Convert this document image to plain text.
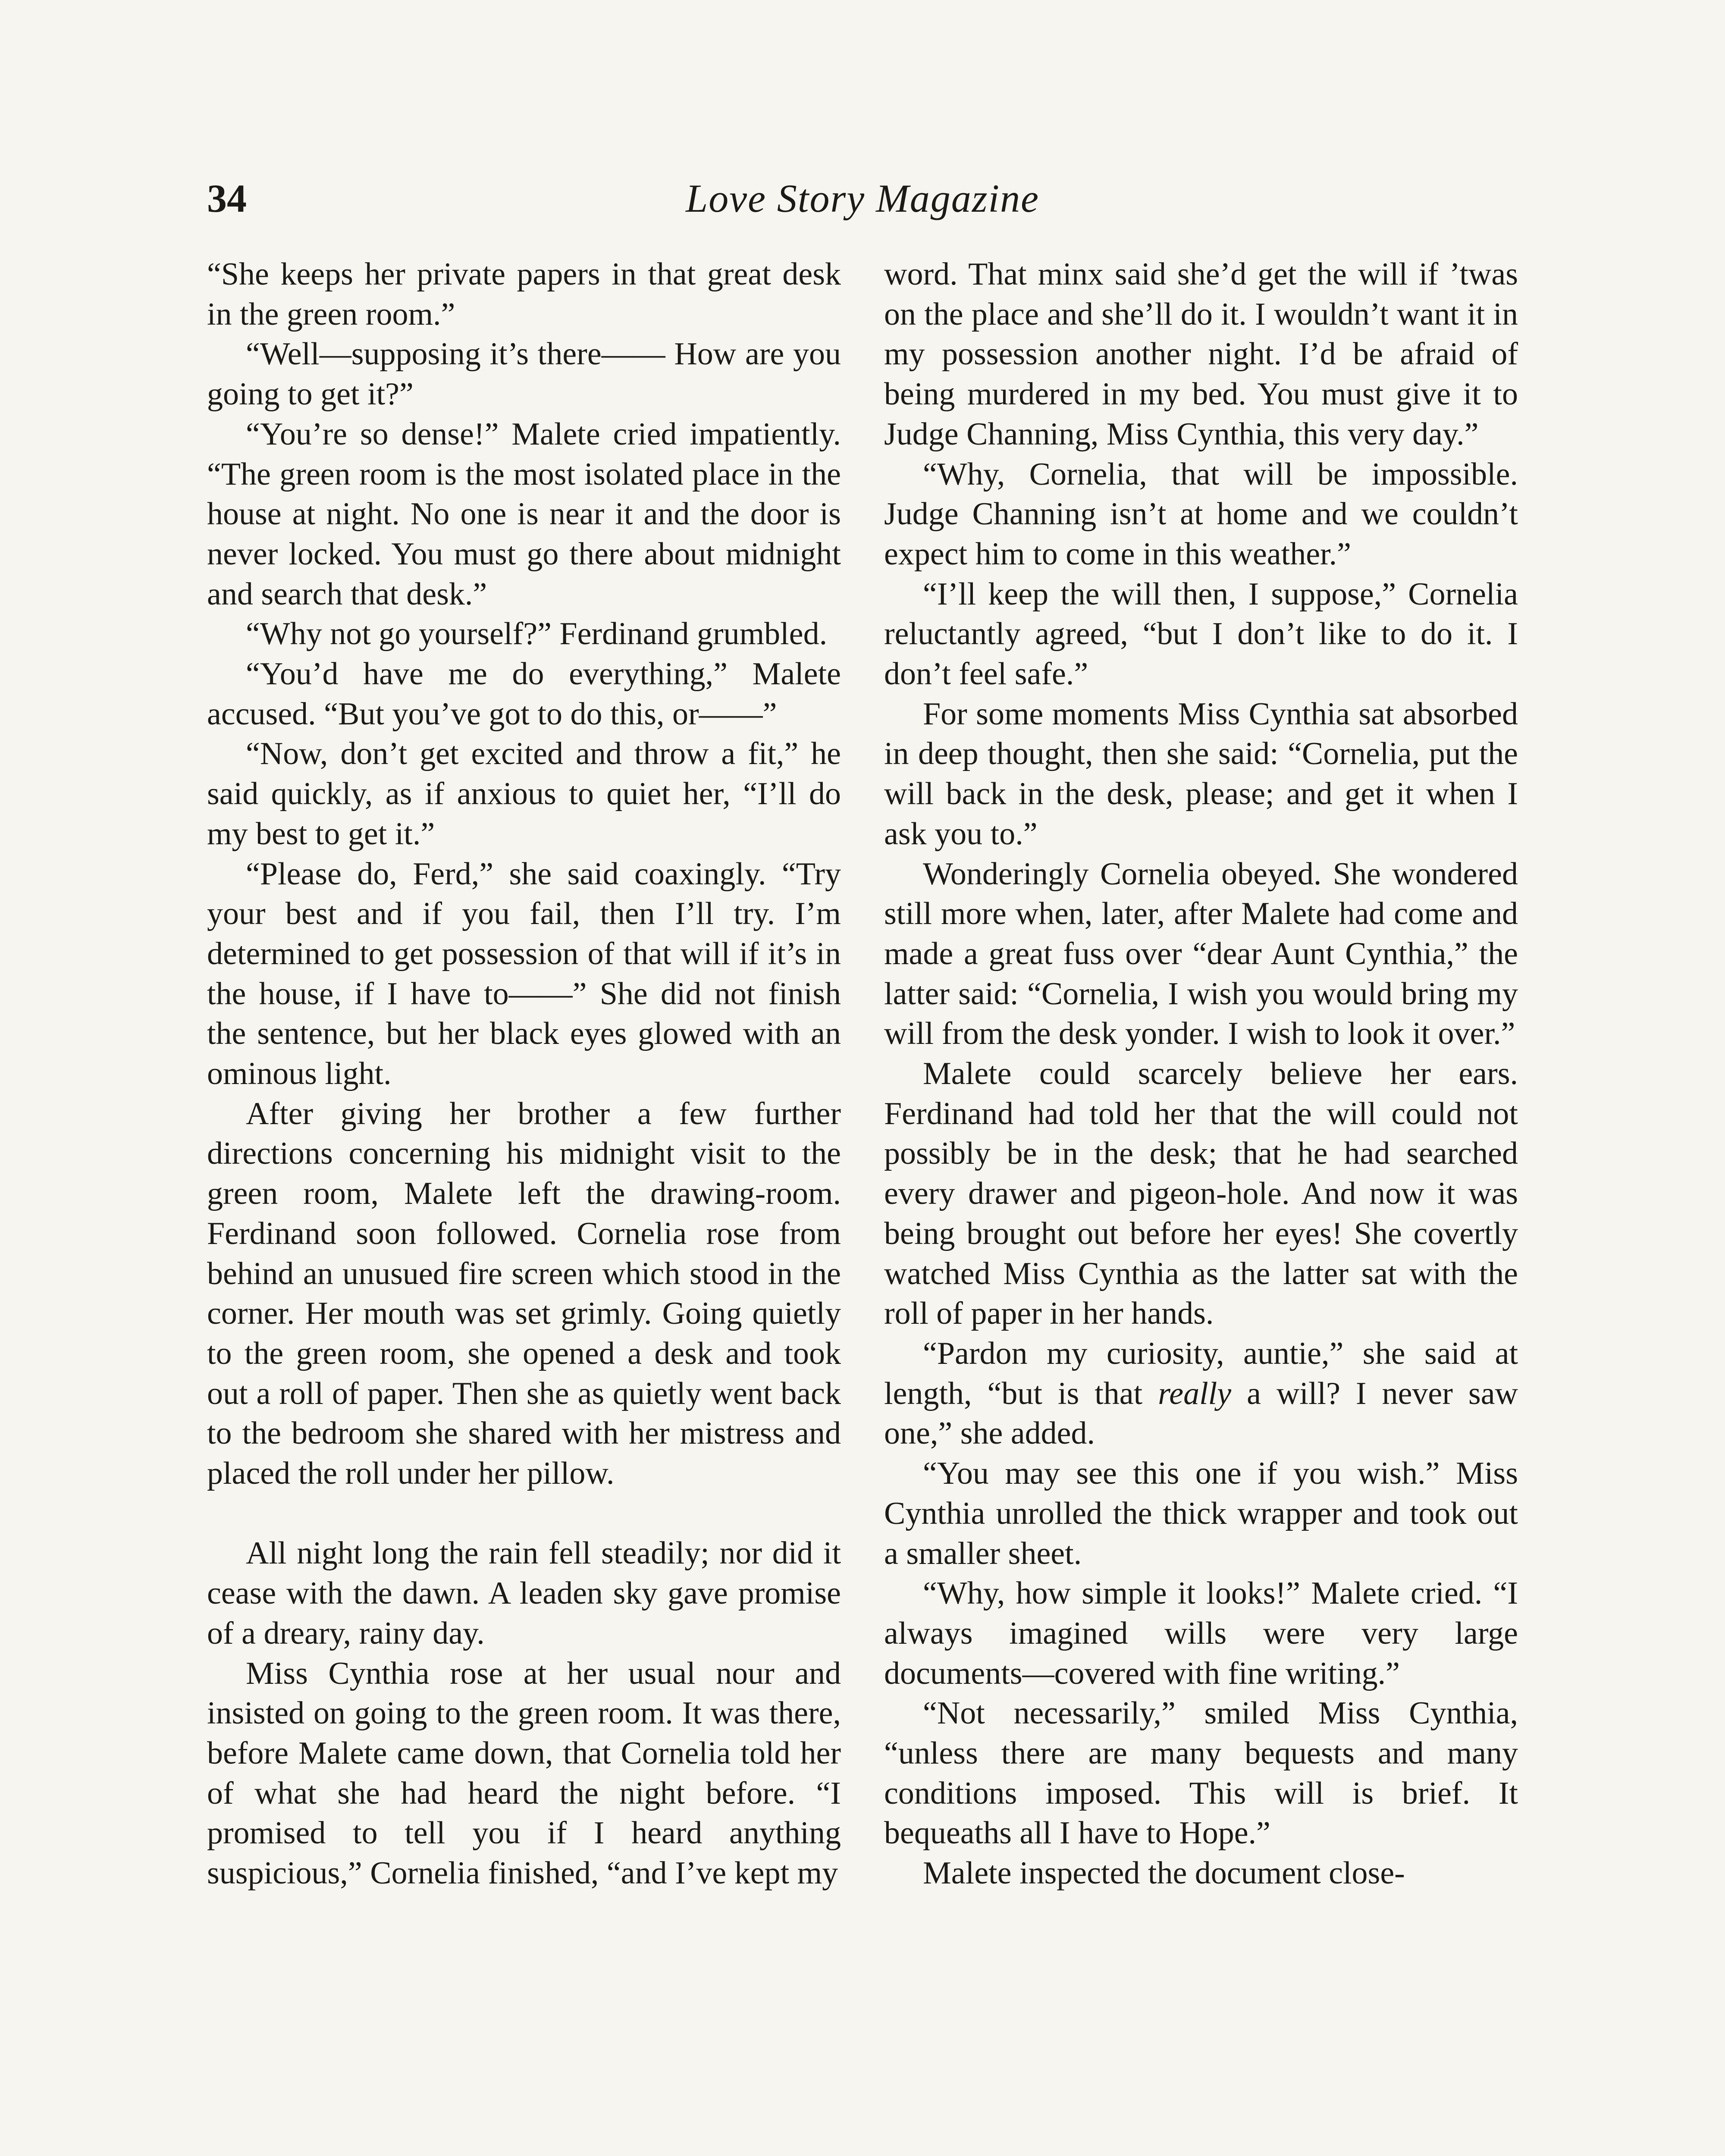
34	Love Story Magazine

“She keeps her private papers in that great desk in the green room.”

“Well—supposing it’s there—— How are you going to get it?”

“You’re so dense!” Malete cried impatiently. “The green room is the most isolated place in the house at night. No one is near it and the door is never locked. You must go there about midnight and search that desk.”

“Why not go yourself?” Ferdinand grumbled.

“You’d have me do everything,” Malete accused. “But you’ve got to do this, or——”

“Now, don’t get excited and throw a fit,” he said quickly, as if anxious to quiet her, “I’ll do my best to get it.”

“Please do, Ferd,” she said coaxingly. “Try your best and if you fail, then I’ll try. I’m determined to get possession of that will if it’s in the house, if I have to——” She did not finish the sentence, but her black eyes glowed with an ominous light.

After giving her brother a few further directions concerning his midnight visit to the green room, Malete left the drawing-room. Ferdinand soon followed. Cornelia rose from behind an unusued fire screen which stood in the corner. Her mouth was set grimly. Going quietly to the green room, she opened a desk and took out a roll of paper. Then she as quietly went back to the bedroom she shared with her mistress and placed the roll under her pillow.

All night long the rain fell steadily; nor did it cease with the dawn. A leaden sky gave promise of a dreary, rainy day.

Miss Cynthia rose at her usual nour and insisted on going to the green room. It was there, before Malete came down, that Cornelia told her of what she had heard the night before. “I promised to tell you if I heard anything suspicious,” Cornelia finished, “and I’ve kept my

word. That minx said she’d get the will if ’twas on the place and she’ll do it. I wouldn’t want it in my possession another night. I’d be afraid of being murdered in my bed. You must give it to Judge Channing, Miss Cynthia, this very day.”

“Why, Cornelia, that will be impossible. Judge Channing isn’t at home and we couldn’t expect him to come in this weather.”

“I’ll keep the will then, I suppose,” Cornelia reluctantly agreed, “but I don’t like to do it. I don’t feel safe.”

For some moments Miss Cynthia sat absorbed in deep thought, then she said: “Cornelia, put the will back in the desk, please; and get it when I ask you to.”

Wonderingly Cornelia obeyed. She wondered still more when, later, after Malete had come and made a great fuss over “dear Aunt Cynthia,” the latter said: “Cornelia, I wish you would bring my will from the desk yonder. I wish to look it over.”

Malete could scarcely believe her ears. Ferdinand had told her that the will could not possibly be in the desk; that he had searched every drawer and pigeon-hole. And now it was being brought out before her eyes! She covertly watched Miss Cynthia as the latter sat with the roll of paper in her hands.

“Pardon my curiosity, auntie,” she said at length, “but is that really a will? I never saw one,” she added.

“You may see this one if you wish.” Miss Cynthia unrolled the thick wrapper and took out a smaller sheet.

“Why, how simple it looks!” Malete cried. “I always imagined wills were very large documents—covered with fine writing.”

“Not necessarily,” smiled Miss Cynthia, “unless there are many bequests and many conditions imposed. This will is brief. It bequeaths all I have to Hope.”

Malete inspected the document close-
